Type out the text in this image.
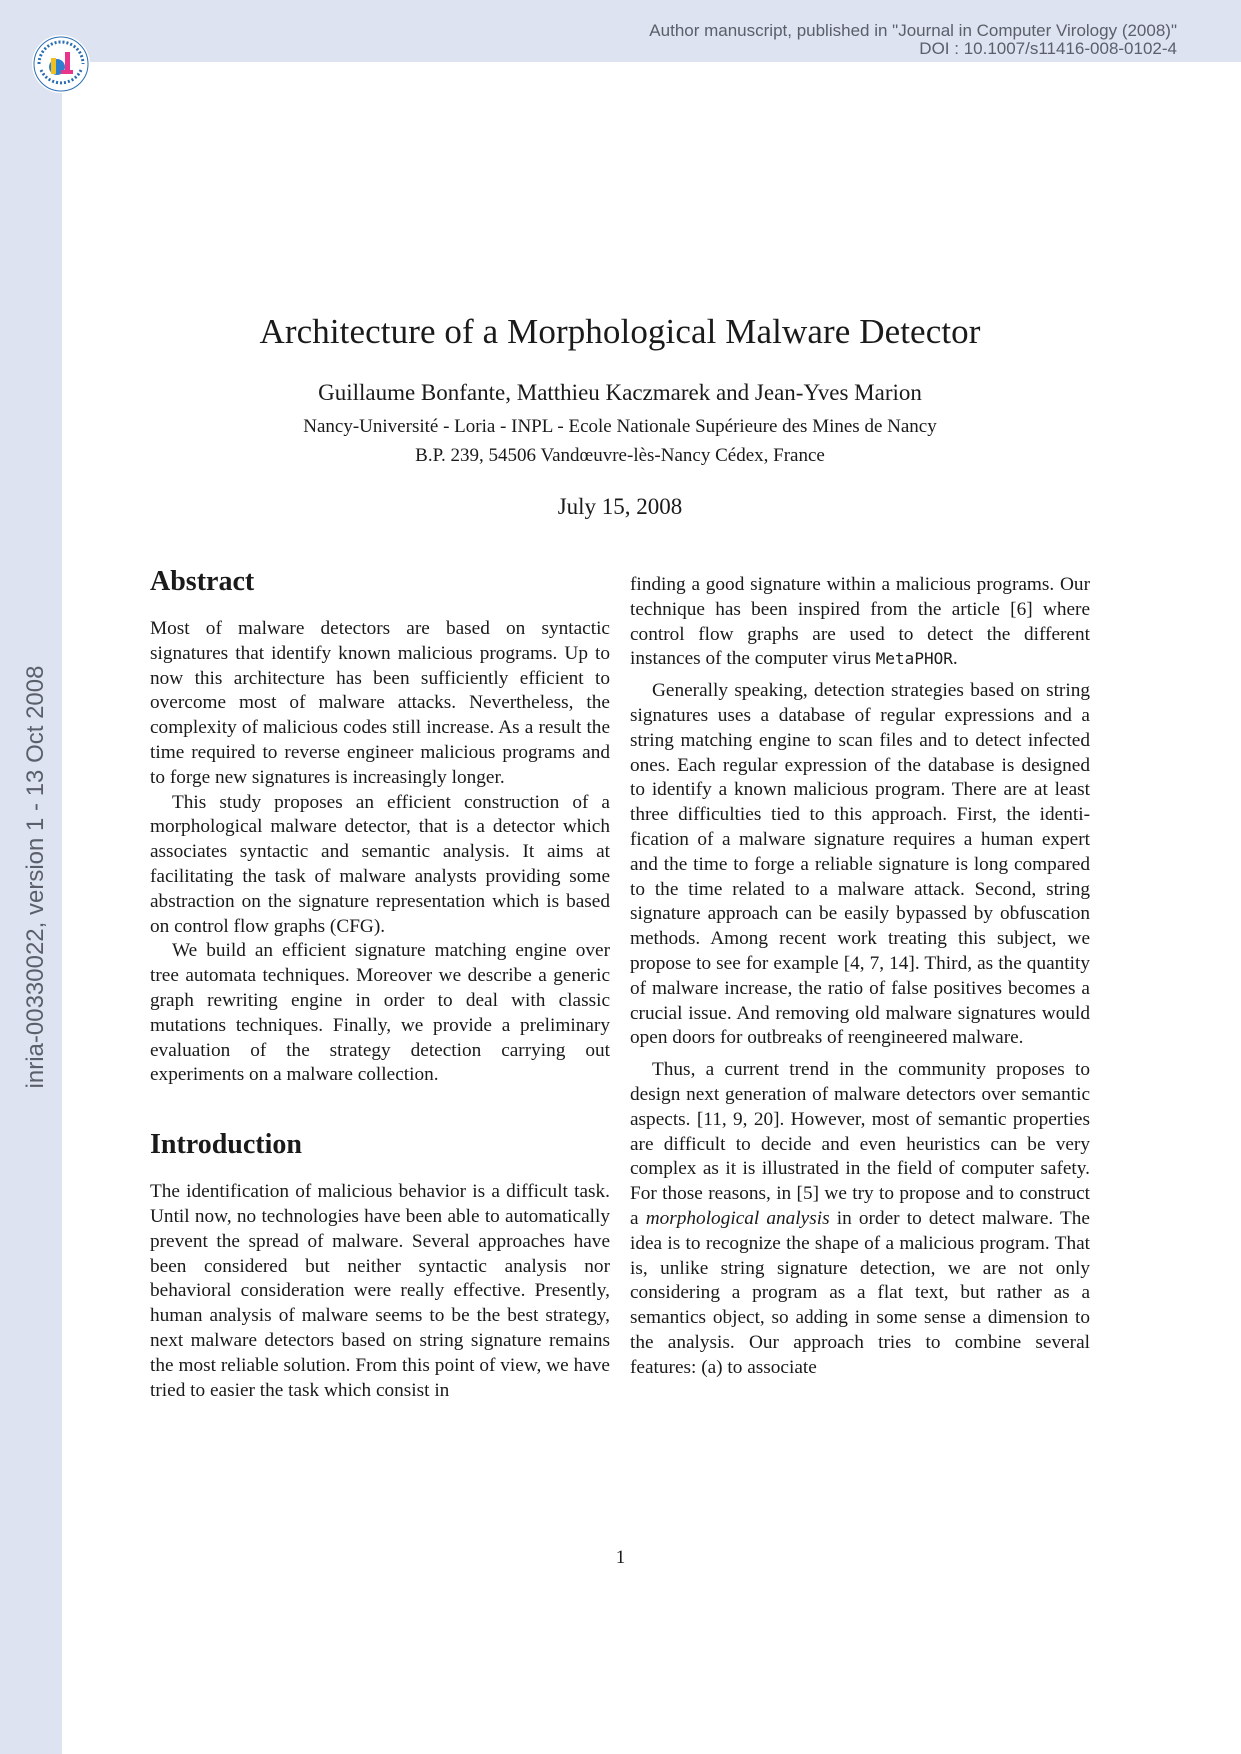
Author manuscript, published in "Journal in Computer Virology (2008)"
DOI : 10.1007/s11416-008-0102-4
inria-00330022, version 1 - 13 Oct 2008
Architecture of a Morphological Malware Detector
Guillaume Bonfante, Matthieu Kaczmarek and Jean-Yves Marion
Nancy-Université - Loria - INPL - Ecole Nationale Supérieure des Mines de Nancy
B.P. 239, 54506 Vandœuvre-lès-Nancy Cédex, France
July 15, 2008
Abstract

Most of malware detectors are based on syntactic signatures that identify known malicious programs. Up to now this architecture has been sufficiently efficient to overcome most of malware attacks. Nevertheless, the complexity of malicious codes still increase. As a result the time required to reverse engineer malicious programs and to forge new signatures is increasingly longer.

This study proposes an efficient construction of a morphological malware detector, that is a detector which associates syntactic and semantic analysis. It aims at facilitating the task of malware analysts providing some abstraction on the signature representation which is based on control flow graphs (CFG).

We build an efficient signature matching engine over tree automata techniques. Moreover we describe a generic graph rewriting engine in order to deal with classic mutations techniques. Finally, we provide a preliminary evaluation of the strategy detection carrying out experiments on a malware collection.

Introduction

The identification of malicious behavior is a difficult task. Until now, no technologies have been able to automatically prevent the spread of malware. Several approaches have been considered but neither syntactic analysis nor behavioral consideration were really effective. Presently, human analysis of malware seems to be the best strategy, next malware detectors based on string signature remains the most reliable solution. From this point of view, we have tried to easier the task which consist in

finding a good signature within a malicious programs. Our technique has been inspired from the article [6] where control flow graphs are used to detect the different instances of the computer virus MetaPHOR.

Generally speaking, detection strategies based on string signatures uses a database of regular expressions and a string matching engine to scan files and to detect infected ones. Each regular expression of the database is designed to identify a known malicious program. There are at least three difficulties tied to this approach. First, the identification of a malware signature requires a human expert and the time to forge a reliable signature is long compared to the time related to a malware attack. Second, string signature approach can be easily bypassed by obfuscation methods. Among recent work treating this subject, we propose to see for example [4, 7, 14]. Third, as the quantity of malware increase, the ratio of false positives becomes a crucial issue. And removing old malware signatures would open doors for outbreaks of reengineered malware.

Thus, a current trend in the community proposes to design next generation of malware detectors over semantic aspects. [11, 9, 20]. However, most of semantic properties are difficult to decide and even heuristics can be very complex as it is illustrated in the field of computer safety. For those reasons, in [5] we try to propose and to construct a morphological analysis in order to detect malware. The idea is to recognize the shape of a malicious program. That is, unlike string signature detection, we are not only considering a program as a flat text, but rather as a semantics object, so adding in some sense a dimension to the analysis. Our approach tries to combine several features: (a) to associate

1
